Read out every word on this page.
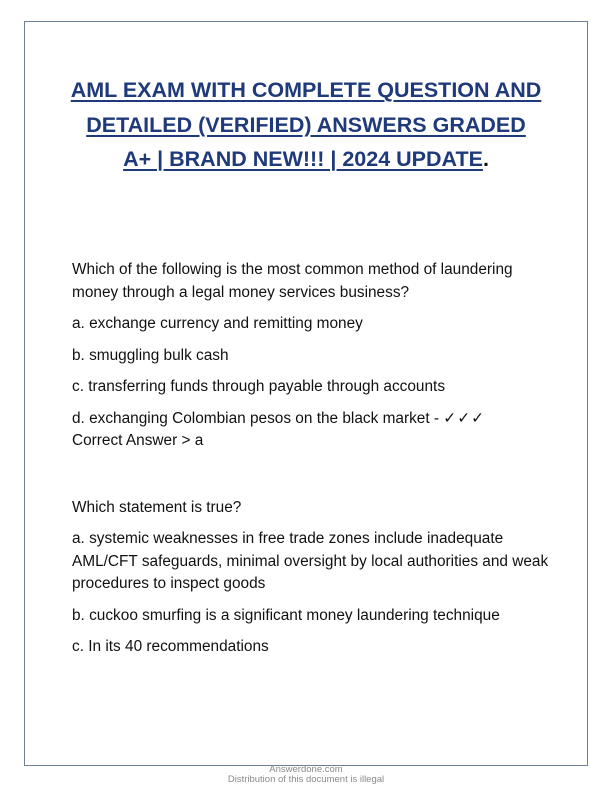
AML EXAM WITH COMPLETE QUESTION AND DETAILED (VERIFIED) ANSWERS GRADED A+ | BRAND NEW!!! | 2024 UPDATE.

Which of the following is the most common method of laundering money through a legal money services business?

a. exchange currency and remitting money

b. smuggling bulk cash

c. transferring funds through payable through accounts

d. exchanging Colombian pesos on the black market - ✓✓✓
Correct Answer > a

Which statement is true?

a. systemic weaknesses in free trade zones include inadequate AML/CFT safeguards, minimal oversight by local authorities and weak procedures to inspect goods

b. cuckoo smurfing is a significant money laundering technique

c. In its 40 recommendations

Answerdone.com
Distribution of this document is illegal
